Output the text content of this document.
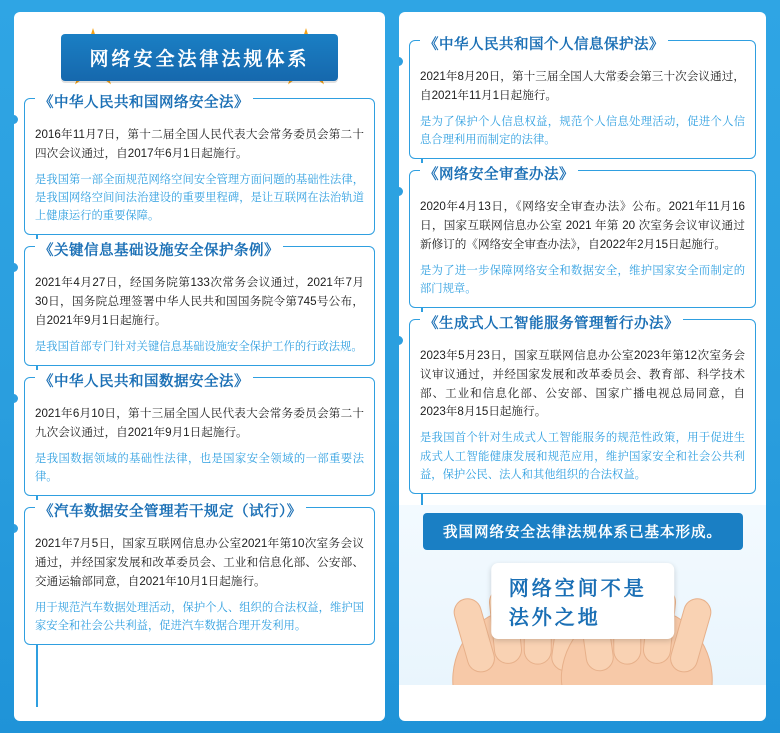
网络安全法律法规体系
《中华人民共和国网络安全法》
2016年11月7日，第十二届全国人民代表大会常务委员会第二十四次会议通过，自2017年6月1日起施行。
是我国第一部全面规范网络空间安全管理方面问题的基础性法律，是我国网络空间间法治建设的重要里程碑，是让互联网在法治轨道上健康运行的重要保障。
《关键信息基础设施安全保护条例》
2021年4月27日，经国务院第133次常务会议通过，2021年7月30日，国务院总理签署中华人民共和国国务院令第745号公布，自2021年9月1日起施行。
是我国首部专门针对关键信息基础设施安全保护工作的行政法规。
《中华人民共和国数据安全法》
2021年6月10日，第十三届全国人民代表大会常务委员会第二十九次会议通过，自2021年9月1日起施行。
是我国数据领域的基础性法律，也是国家安全领域的一部重要法律。
《汽车数据安全管理若干规定（试行）》
2021年7月5日，国家互联网信息办公室2021年第10次室务会议通过，并经国家发展和改革委员会、工业和信息化部、公安部、交通运输部同意，自2021年10月1日起施行。
用于规范汽车数据处理活动，保护个人、组织的合法权益，维护国家安全和社会公共利益，促进汽车数据合理开发利用。
《中华人民共和国个人信息保护法》
2021年8月20日，第十三届全国人大常委会第三十次会议通过，自2021年11月1日起施行。
是为了保护个人信息权益，规范个人信息处理活动，促进个人信息合理利用而制定的法律。
《网络安全审查办法》
2020年4月13日，《网络安全审查办法》公布。2021年11月16日，国家互联网信息办公室 2021 年第 20 次室务会议审议通过新修订的《网络安全审查办法》，自2022年2月15日起施行。
是为了进一步保障网络安全和数据安全，维护国家安全而制定的部门规章。
《生成式人工智能服务管理暂行办法》
2023年5月23日，国家互联网信息办公室2023年第12次室务会议审议通过，并经国家发展和改革委员会、教育部、科学技术部、工业和信息化部、公安部、国家广播电视总局同意，自2023年8月15日起施行。
是我国首个针对生成式人工智能服务的规范性政策，用于促进生成式人工智能健康发展和规范应用，维护国家安全和社会公共利益，保护公民、法人和其他组织的合法权益。
我国网络安全法律法规体系已基本形成。
网络空间不是法外之地
